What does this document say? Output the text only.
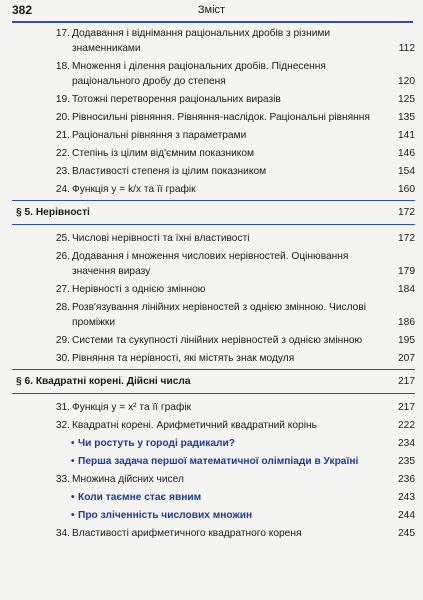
382	Зміст
17. Додавання і віднімання раціональних дробів з різними знаменниками	112
18. Множення і ділення раціональних дробів. Піднесення раціонального дробу до степеня	120
19. Тотожні перетворення раціональних виразів	125
20. Рівносильні рівняння. Рівняння-наслідок. Раціональні рівняння	135
21. Раціональні рівняння з параметрами	141
22. Степінь із цілим від'ємним показником	146
23. Властивості степеня із цілим показником	154
24. Функція y = k/x та її графік	160
§ 5. Нерівності	172
25. Числові нерівності та їхні властивості	172
26. Додавання і множення числових нерівностей. Оцінювання значення виразу	179
27. Нерівності з однією змінною	184
28. Розв'язування лінійних нерівностей з однією змінною. Числові проміжки	186
29. Системи та сукупності лінійних нерівностей з однією змінною	195
30. Рівняння та нерівності, які містять знак модуля	207
§ 6. Квадратні корені. Дійсні числа	217
31. Функція y = x² та її графік	217
32. Квадратні корені. Арифметичний квадратний корінь	222
• Чи ростуть у городі радикали?	234
• Перша задача першої математичної олімпіади в Україні	235
33. Множина дійсних чисел	236
• Коли таємне стає явним	243
• Про зліченність числових множин	244
34. Властивості арифметичного квадратного кореня	245
